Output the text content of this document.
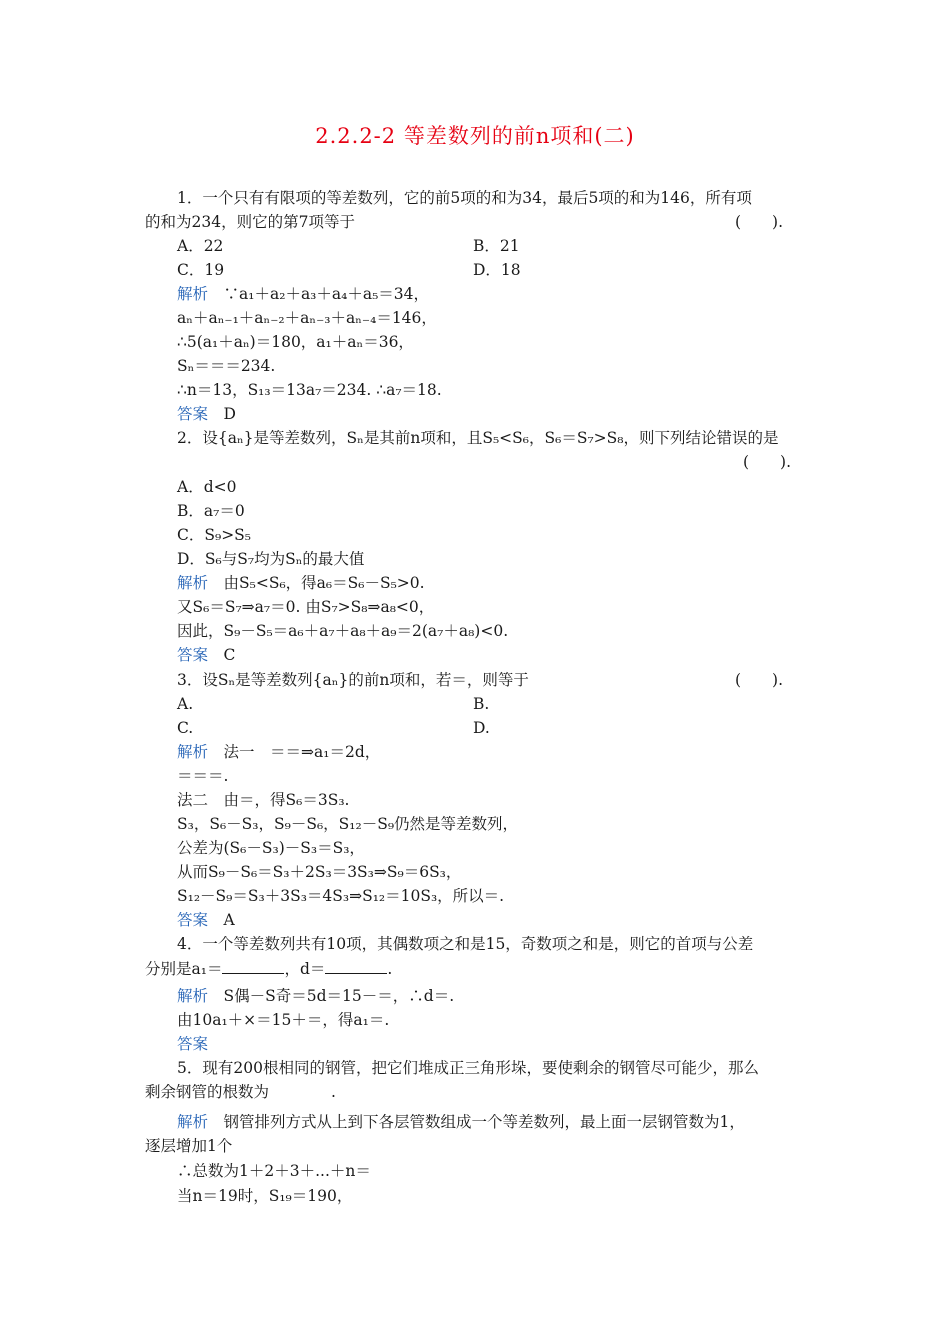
2.2.2-2 等差数列的前n项和(二)
1．一个只有有限项的等差数列，它的前5项的和为34，最后5项的和为146，所有项
的和为234，则它的第7项等于	(　　).
A．22	B．21
C．19	D．18
解析　 ∵a₁＋a₂＋a₃＋a₄＋a₅＝34，
aₙ＋aₙ₋₁＋aₙ₋₂＋aₙ₋₃＋aₙ₋₄＝146，
∴5(a₁＋aₙ)＝180，a₁＋aₙ＝36，
Sₙ＝＝＝234.
∴n＝13，S₁₃＝13a₇＝234. ∴a₇＝18.
答案　 D
2．设{aₙ}是等差数列，Sₙ是其前n项和，且S₅<S₆，S₆＝S₇>S₈，则下列结论错误的是
(　　).
A．d<0
B．a₇＝0
C．S₉>S₅
D．S₆与S₇均为Sₙ的最大值
解析　 由S₅<S₆，得a₆＝S₆－S₅>0.
又S₆＝S₇⇒a₇＝0. 由S₇>S₈⇒a₈<0，
因此，S₉－S₅＝a₆＋a₇＋a₈＋a₉＝2(a₇＋a₈)<0.
答案　 C
3．设Sₙ是等差数列{aₙ}的前n项和，若＝，则等于	(　　).
A.	B.
C.	D.
解析　 法一　＝＝⇒a₁＝2d，
＝＝＝.
法二　由＝，得S₆＝3S₃.
S₃，S₆－S₃，S₉－S₆，S₁₂－S₉仍然是等差数列，
公差为(S₆－S₃)－S₃＝S₃，
从而S₉－S₆＝S₃＋2S₃＝3S₃⇒S₉＝6S₃，
S₁₂－S₉＝S₃＋3S₃＝4S₃⇒S₁₂＝10S₃，所以＝.
答案　 A
4．一个等差数列共有10项，其偶数项之和是15，奇数项之和是，则它的首项与公差
分别是a₁＝	，d＝	.
解析　 S偶－S奇＝5d＝15－＝，∴d＝.
由10a₁＋×＝15＋＝，得a₁＝.
答案
5．现有200根相同的钢管，把它们堆成正三角形垛，要使剩余的钢管尽可能少，那么
剩余钢管的根数为　　　　.
解析　 钢管排列方式从上到下各层管数组成一个等差数列，最上面一层钢管数为1，
逐层增加1个
∴总数为1＋2＋3＋...＋n＝
当n＝19时，S₁₉＝190，
